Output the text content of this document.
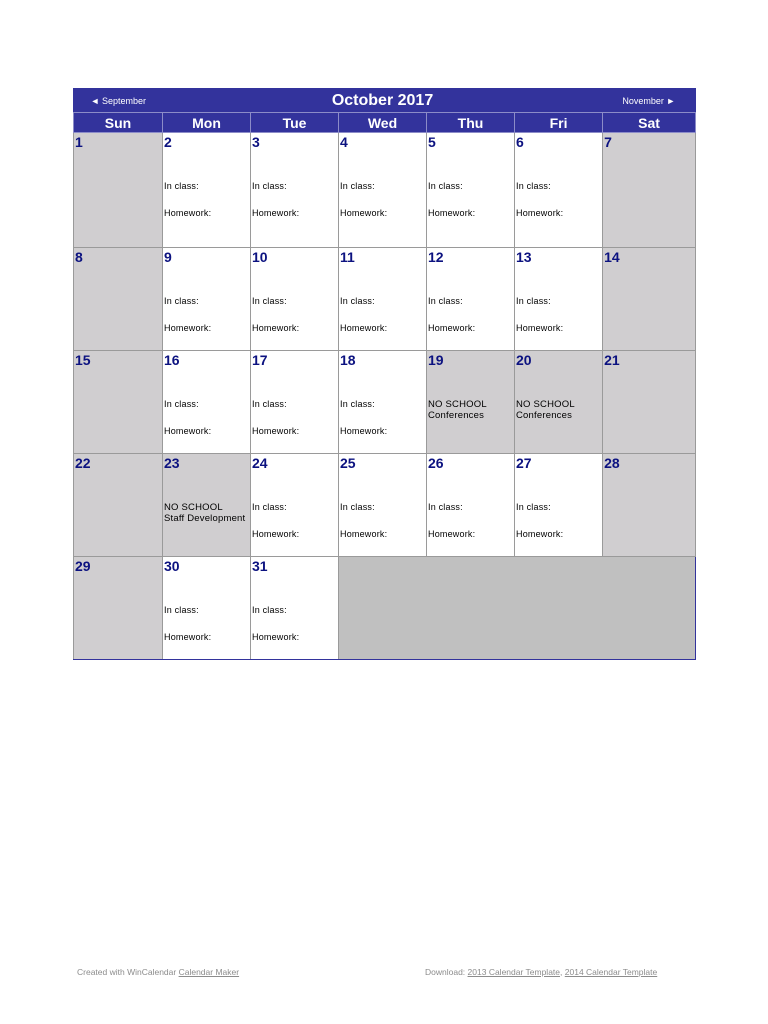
◄ September	October 2017					November ►
Sun	Mon	Tue	Wed	Thu	Fri	Sat

1	2
In class:
Homework:	3
In class:
Homework:	4
In class:
Homework:	5
In class:
Homework:	6
In class:
Homework:	7

8	9
In class:
Homework:	10
In class:
Homework:	11
In class:
Homework:	12
In class:
Homework:	13
In class:
Homework:	14

15	16
In class:
Homework:	17
In class:
Homework:	18
In class:
Homework:	19
NO SCHOOL
Conferences	20
NO SCHOOL
Conferences	21

22	23
NO SCHOOL
Staff Development	24
In class:
Homework:	25
In class:
Homework:	26
In class:
Homework:	27
In class:
Homework:	28

29	30
In class:
Homework:	31
In class:
Homework:				

Created with WinCalendar Calendar Maker	Download: 2013 Calendar Template, 2014 Calendar Template
